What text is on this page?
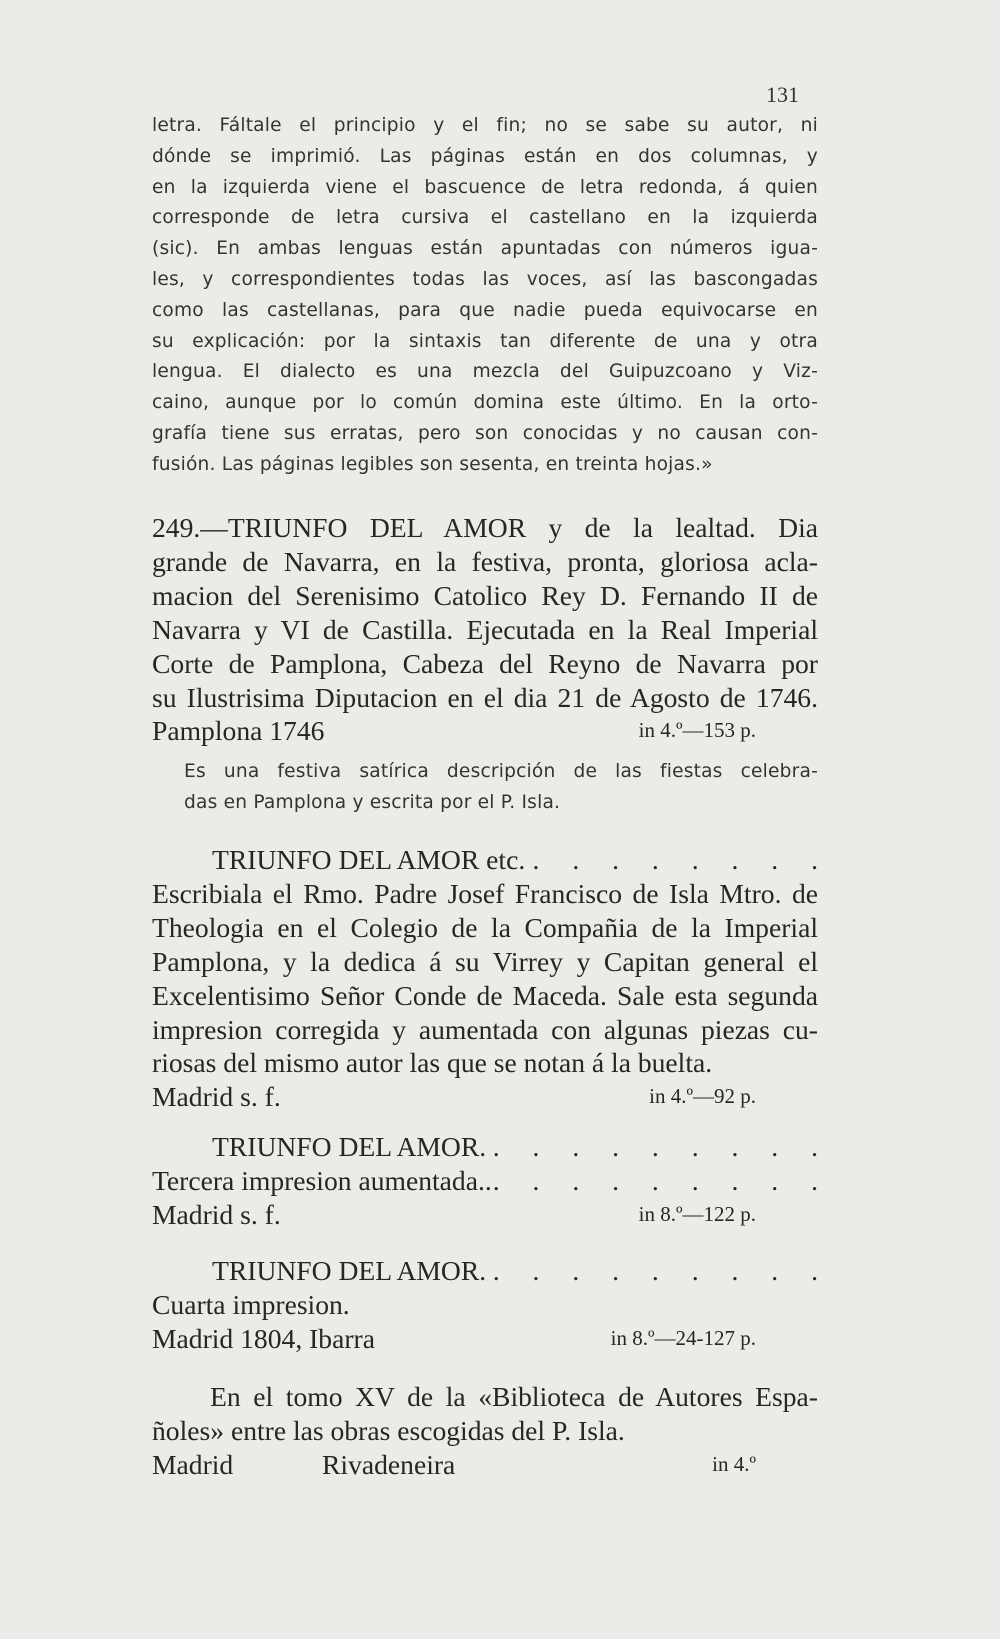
131
letra. Fáltale el principio y el fin; no se sabe su autor, ni
dónde se imprimió. Las páginas están en dos columnas, y
en la izquierda viene el bascuence de letra redonda, á quien
corresponde de letra cursiva el castellano en la izquierda
(sic). En ambas lenguas están apuntadas con números igua-
les, y correspondientes todas las voces, así las bascongadas
como las castellanas, para que nadie pueda equivocarse en
su explicación: por la sintaxis tan diferente de una y otra
lengua. El dialecto es una mezcla del Guipuzcoano y Viz-
caino, aunque por lo común domina este último. En la orto-
grafía tiene sus erratas, pero son conocidas y no causan con-
fusión. Las páginas legibles son sesenta, en treinta hojas.»
249.—TRIUNFO DEL AMOR y de la lealtad. Dia
grande de Navarra, en la festiva, pronta, gloriosa acla-
macion del Serenisimo Catolico Rey D. Fernando II de
Navarra y VI de Castilla. Ejecutada en la Real Imperial
Corte de Pamplona, Cabeza del Reyno de Navarra por
su Ilustrisima Diputacion en el dia 21 de Agosto de 1746.
Pamplona 1746	in 4.º—153 p.
Es una festiva satírica descripción de las fiestas celebra-
das en Pamplona y escrita por el P. Isla.
TRIUNFO DEL AMOR etc. . . . . . . . .
Escribiala el Rmo. Padre Josef Francisco de Isla Mtro. de
Theologia en el Colegio de la Compañia de la Imperial
Pamplona, y la dedica á su Virrey y Capitan general el
Excelentisimo Señor Conde de Maceda. Sale esta segunda
impresion corregida y aumentada con algunas piezas cu-
riosas del mismo autor las que se notan á la buelta.
Madrid s. f.	in 4.º—92 p.
TRIUNFO DEL AMOR. . . . . . . . . .
Tercera impresion aumentada.. . . . . . . . . .
Madrid s. f.	in 8.º—122 p.
TRIUNFO DEL AMOR. . . . . . . . . .
Cuarta impresion.
Madrid 1804, Ibarra	in 8.º—24-127 p.
En el tomo XV de la «Biblioteca de Autores Espa-
ñoles» entre las obras escogidas del P. Isla.
Madrid	Rivadeneira	in 4.º
